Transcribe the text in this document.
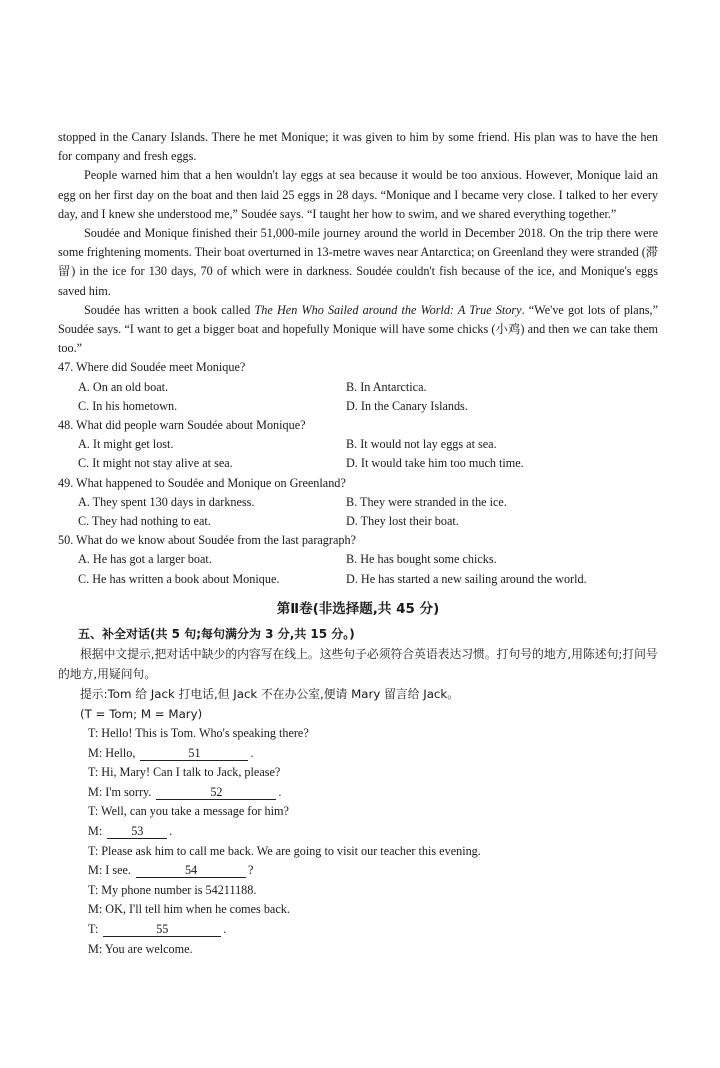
stopped in the Canary Islands. There he met Monique; it was given to him by some friend. His plan was to have the hen for company and fresh eggs.

People warned him that a hen wouldn't lay eggs at sea because it would be too anxious. However, Monique laid an egg on her first day on the boat and then laid 25 eggs in 28 days. “Monique and I became very close. I talked to her every day, and I knew she understood me,” Soudée says. “I taught her how to swim, and we shared everything together.”

Soudée and Monique finished their 51,000-mile journey around the world in December 2018. On the trip there were some frightening moments. Their boat overturned in 13-metre waves near Antarctica; on Greenland they were stranded (滞留) in the ice for 130 days, 70 of which were in darkness. Soudée couldn't fish because of the ice, and Monique's eggs saved him.

Soudée has written a book called The Hen Who Sailed around the World: A True Story. “We've got lots of plans,” Soudée says. “I want to get a bigger boat and hopefully Monique will have some chicks (小鸡) and then we can take them too.”

47. Where did Soudée meet Monique?

A. On an old boat.	B. In Antarctica.

C. In his hometown.	D. In the Canary Islands.

48. What did people warn Soudée about Monique?

A. It might get lost.	B. It would not lay eggs at sea.

C. It might not stay alive at sea.	D. It would take him too much time.

49. What happened to Soudée and Monique on Greenland?

A. They spent 130 days in darkness.	B. They were stranded in the ice.

C. They had nothing to eat.	D. They lost their boat.

50. What do we know about Soudée from the last paragraph?

A. He has got a larger boat.	B. He has bought some chicks.

C. He has written a book about Monique.	D. He has started a new sailing around the world.

第Ⅱ卷(非选择题,共 45 分)

五、补全对话(共 5 句;每句满分为 3 分,共 15 分。)

根据中文提示,把对话中缺少的内容写在线上。这些句子必须符合英语表达习惯。打句号的地方,用陈述句;打问号的地方,用疑问句。

提示:Tom 给 Jack 打电话,但 Jack 不在办公室,便请 Mary 留言给 Jack。

(T = Tom; M = Mary)

T: Hello! This is Tom. Who's speaking there?

M: Hello,	51	.

T: Hi, Mary! Can I talk to Jack, please?

M: I'm sorry.	52	.

T: Well, can you take a message for him?

M: 53 .

T: Please ask him to call me back. We are going to visit our teacher this evening.

M: I see.	54	?

T: My phone number is 54211188.

M: OK, I'll tell him when he comes back.

T:	55	.

M: You are welcome.
